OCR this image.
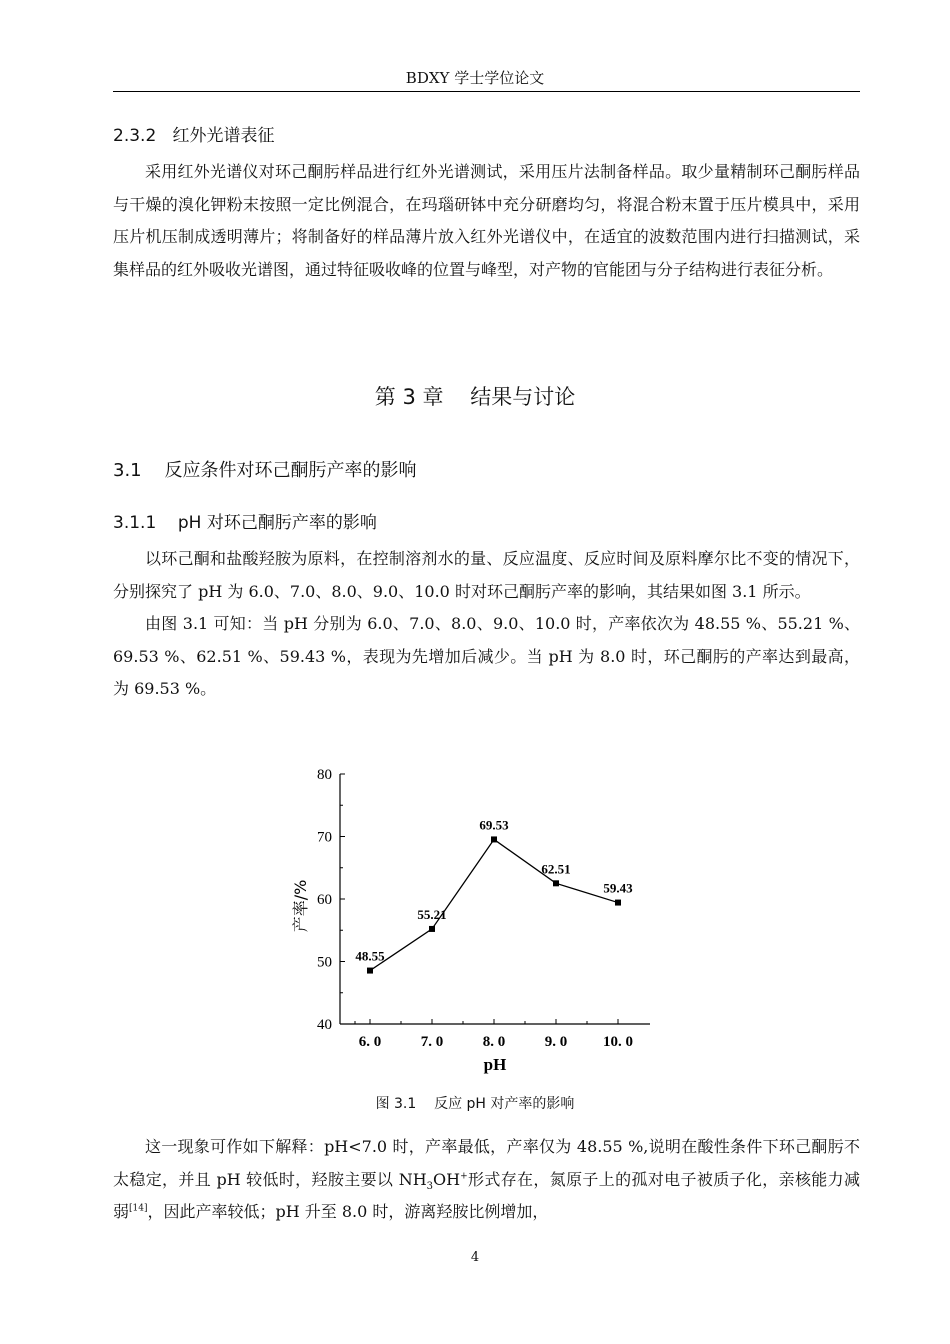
BDXY 学士学位论文
2.3.2   红外光谱表征

采用红外光谱仪对环己酮肟样品进行红外光谱测试，采用压片法制备样品。取少量精制环己酮肟样品与干燥的溴化钾粉末按照一定比例混合，在玛瑙研钵中充分研磨均匀，将混合粉末置于压片模具中，采用压片机压制成透明薄片；将制备好的样品薄片放入红外光谱仪中，在适宜的波数范围内进行扫描测试，采集样品的红外吸收光谱图，通过特征吸收峰的位置与峰型，对产物的官能团与分子结构进行表征分析。

第 3 章    结果与讨论
3.1    反应条件对环己酮肟产率的影响
3.1.1    pH 对环己酮肟产率的影响

以环己酮和盐酸羟胺为原料，在控制溶剂水的量、反应温度、反应时间及原料摩尔比不变的情况下，分别探究了 pH 为 6.0、7.0、8.0、9.0、10.0 时对环己酮肟产率的影响，其结果如图 3.1 所示。

由图 3.1 可知：当 pH 分别为 6.0、7.0、8.0、9.0、10.0 时，产率依次为 48.55 %、55.21 %、69.53 %、62.51 %、59.43 %，表现为先增加后减少。当 pH 为 8.0 时，环己酮肟的产率达到最高，为 69.53 %。

40
50
60
70
80
6. 0	7. 0	8. 0	9. 0 10. 0
48.55
55.21
69.53
62.51
59.43
产率/%
pH
图 3.1    反应 pH 对产率的影响

这一现象可作如下解释：pH<7.0 时，产率最低，产率仅为 48.55 %,说明在酸性条件下环己酮肟不太稳定，并且 pH 较低时，羟胺主要以 $NH_3OH^+$形式存在，氮原子上的孤对电子被质子化，亲核能力减弱[14]，因此产率较低；pH 升至 8.0 时，游离羟胺比例增加，

4
